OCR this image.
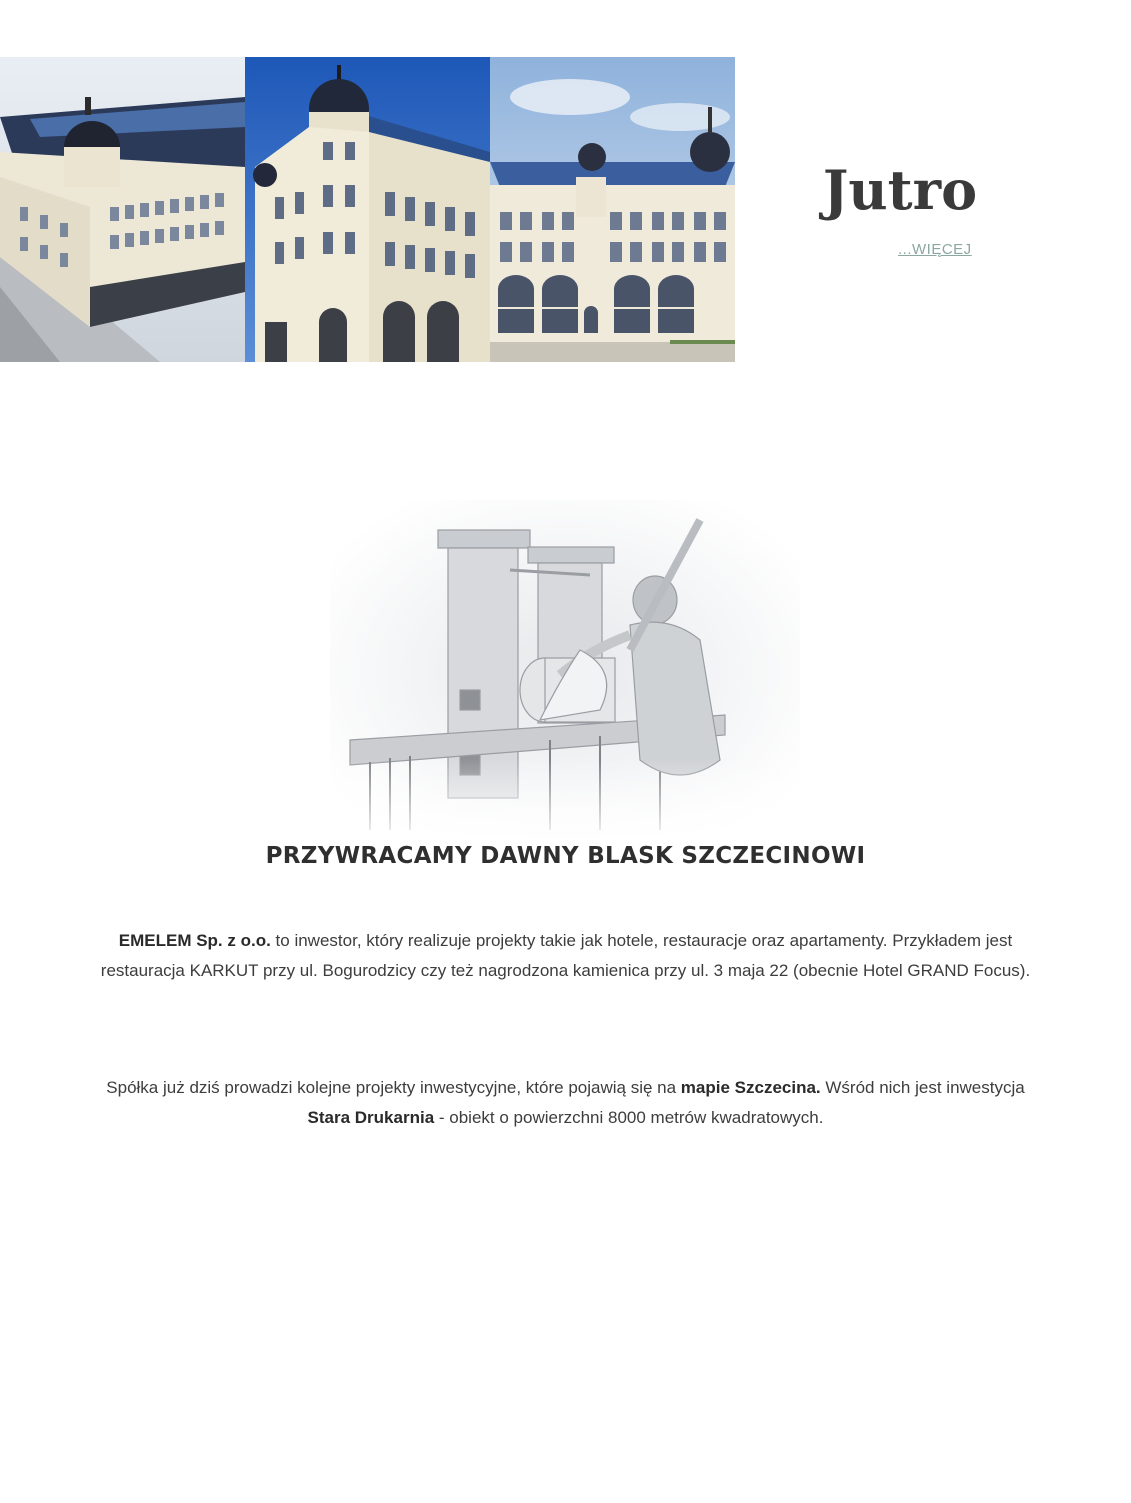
Jutro
...WIĘCEJ
PRZYWRACAMY DAWNY BLASK SZCZECINOWI

EMELEM Sp. z o.o. to inwestor, który realizuje projekty takie jak hotele, restauracje oraz apartamenty. Przykładem jest restauracja KARKUT przy ul. Bogurodzicy czy też nagrodzona kamienica przy ul. 3 maja 22 (obecnie Hotel GRAND Focus).

Spółka już dziś prowadzi kolejne projekty inwestycyjne, które pojawią się na mapie Szczecina. Wśród nich jest inwestycja Stara Drukarnia - obiekt o powierzchni 8000 metrów kwadratowych.
